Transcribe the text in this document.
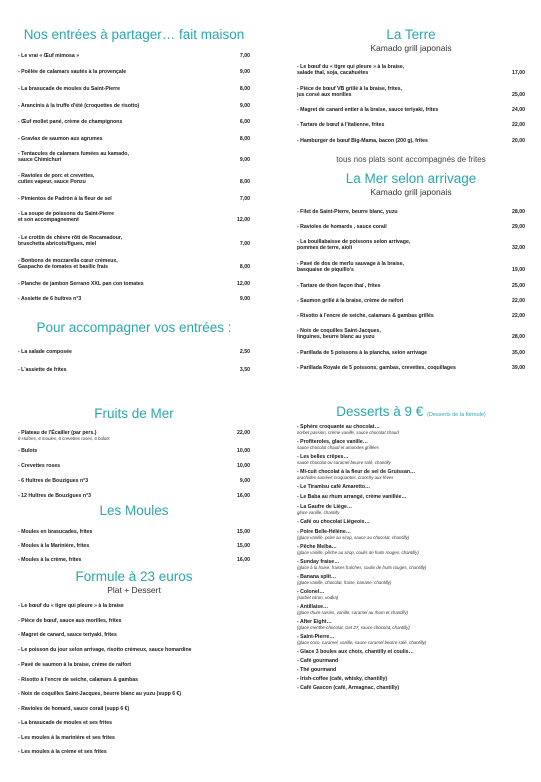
Nos entrées à partager… fait maison
- Le vrai « Œuf mimosa »	7,00
- Poêlée de calamars sautés à la provençale	9,00
- La brasucade de moules du Saint-Pierre	8,00
- Arancinis à la truffe d'été (croquettes de risotto)	9,00
- Œuf mollet pané, crème de champignons	6,00
- Gravlax de saumon aux agrumes	8,00
- Tentacules de calamars fumées au kamado,
sauce Chimichuri	9,00
- Ravioles de porc et crevettes,
cuites vapeur, sauce Ponzu	8,00
- Pimientos de Padrón à la fleur de sel	7,00
- La soupe de poissons du Saint-Pierre
et son accompagnement	12,00
- Le crottin de chèvre rôti de Rocamadour,
bruschetta abricots/figues, miel	7,00
- Bonbons de mozzarella cœur crémeux,
Gaspacho de tomates et basilic frais	8,00
- Planche de jambon Serrano XXL pan con tomates	12,00
- Assiette de 6 huîtres n°3	9,00
Pour accompagner vos entrées :
- La salade composée	2,50
- L'assiette de frites	3,50
Fruits de Mer
- Plateau de l'Écailler (par pers.)
6 Huîtres, 6 moules, 6 crevettes roses, 6 bulots
22,00
- Bulots	10,00
- Crevettes roses	10,00
- 6 Huîtres de Bouzigues n°3	9,00
- 12 Huîtres de Bouzigues n°3	16,00
Les Moules
- Moules en brasucades, frites	15,00
- Moules à la Marinière, frites	15,00
- Moules à la crème, frites	16,00
Formule à 23 euros
Plat + Dessert
- Le bœuf du « tigre qui pleure » à la braise
- Pièce de bœuf, sauce aux morilles, frites
- Magret de canard, sauce teriyaki, frites
- Le poisson du jour selon arrivage, risotto crémeux, sauce homardine
- Pavé de saumon à la braise, crème de raifort
- Risotto à l'encre de seiche, calamars & gambas
- Noix de coquilles Saint-Jacques, beurre blanc au yuzu (supp 6 €)
- Ravioles de homard, sauce corail (supp 6 €)
- La brasucade de moules et ses frites
- Les moules à la marinière et ses frites
- Les moules à la crème et ses frites
La Terre
Kamado grill japonais
- Le bœuf du « tigre qui pleure » à la braise,
salade thaï, soja, cacahuètes	17,00
- Pièce de bœuf VB grillé à la braise, frites,
jus corsé aux morilles	25,00
- Magret de canard entier à la braise, sauce teriyaki, frites	24,00
- Tartare de bœuf à l'italienne, frites	22,00
- Hamburger de bœuf Big-Mama, bacon (200 g), frites	20,00
tous nos plats sont accompagnés de frites
La Mer selon arrivage
Kamado grill japonais
- Filet de Saint-Pierre, beurre blanc, yuzu	28,00
- Ravioles de homards , sauce corail	29,00
- La bouillabaisse de poissons selon arrivage,
pommes de terre, aïoli	32,00
- Pavé de dos de merlu sauvage à la braise,
basquaise de piquillo's	19,00
- Tartare de thon façon thaï , frites	25,00
- Saumon grillé à la braise, crème de raifort	22,00
- Risotto à l'encre de seiche, calamars & gambas grillés	22,00
- Noix de coquilles Saint-Jacques,
linguines, beurre blanc au yuzu	28,00
- Parillada de 5 poissons à la plancha, selon arrivage	35,00
- Parillada Royale de 5 poissons, gambas, crevettes, coquillages	39,00
Desserts à 9 € (Desserts de la formule)
- Sphère croquante au chocolat…
sorbet passion, crème vanille, sauce chocolat chaud
- Profiteroles, glace vanille…
sauce chocolat chaud et amandes grillées
- Les belles crêpes…
sauce chocolat ou caramel beurre salé, chantilly
- Mi-cuit chocolat à la fleur de sel de Gruissan…
arachides sucrées croquantes, crunchy aux fèves
- Le Tiramisu café Amaretto…
- Le Baba au rhum arrangé, crème vanillée…
- La Gaufre de Liège…
glace vanille, chantilly
- Café ou chocolat Liégeois…
- Poire Belle-Hélène…
(glace vanille, poire au sirop, sauce au chocolat, chantilly)
- Pêche Melba…
(glace vanille, pêche au sirop, coulis de fruits rouges, chantilly)
- Sunday fraise…
(glace à la fraise, fraises fraîches, coulis de fruits rouges, chantilly)
- Banana split…
(glace vanille, chocolat, fraise, banane, chantilly)
- Colonel…
(sorbet citron, vodka)
- Antillaise…
(glace rhum-raisins, vanille, caramel au rhum et chantilly)
- After Eight…
(glace menthe-chocolat, Get 27, sauce chocolat, chantilly)
- Saint-Pierre…
(glace coco, caramel, vanille, sauce caramel beurre salé, chantilly)
- Glace 3 boules aux choix, chantilly et coulis…
- Café gourmand
- Thé gourmand
- Irish-coffee (café, whisky, chantilly)
- Café Gascon (café, Armagnac, chantilly)
